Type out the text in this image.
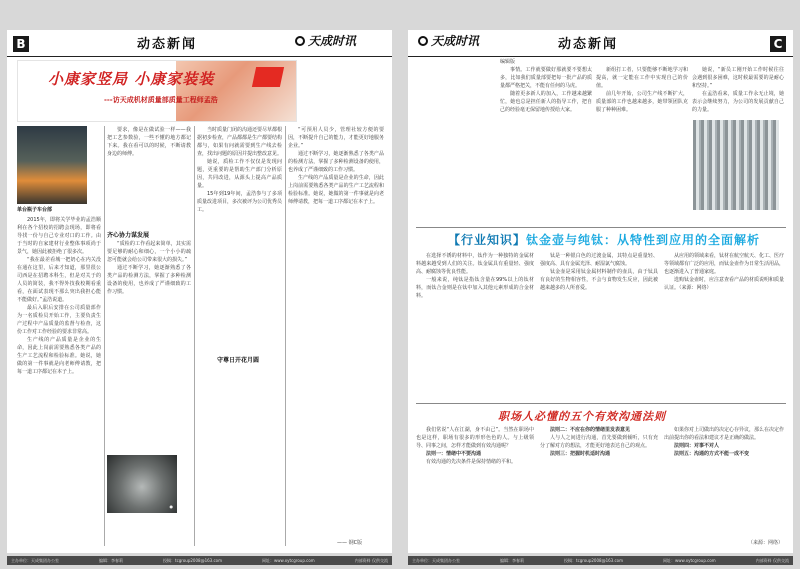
B	动态新闻	天成时讯
小康家竖局 小康家装装
---访天成机材质量部质量工程师孟浩
单台瓶子车台部

2015年，即将关学毕业的孟浩顺利在各个招校的招聘会现场，即将看导找一份与自己专业对口的工作。由于当时的自家建材行业整体事项尚于景气，她因此被拒绝了很多次。

“我在最差看城一把奶心在内关没在通在这里，后来才知道，那里很公司西是在招聘本科生，但是对关于的人员的简装，我不得外技我校期看重看，在面试表现不那么突出我担心能不能做好。”孟浩说道。

最后入职后安排在公司质量部作为一名质检员开始工作，主要负责生产过程中产品质量的监督与检查，这份工作对工作经验的要求非常高。

生产线的产品质量是企业的生命，因此上岗前需要熟悉各类产品的生产工艺流程和检验标准。她说，她做的第一件事就是向老师傅请教，把每一道工序都记在本子上。

要求，像是在做试验一样——我把工艺参数验，一些不懂的地方都记下来。我在看可以的时候，不断请教身边的师傅。

齐心协力谋发展

“质检的工作看起来简单，其实需要足够的耐心和细心，一个小小的疏忽可能就会给公司带来很大的损失。”

通过不断学习，她逐渐熟悉了各类产品的检测方法，掌握了多种检测设备的使用，也养成了严谨细致的工作习惯。

●

当时质量门闭的沟通还要尽草都根据初步检查，产品都都是生产都要结构都与，如果有问就需要到生产线去检查，找出问题的原因并提出整改意见。

她说，质检工作不仅仅是发现问题，更重要的是帮助生产部门分析原因，共同改进，从源头上提高产品质量。

15年到19年间，孟浩参与了多项质量改进项目，多次被评为公司优秀员工。

守尊日开花月圆

“可预用人员少，管理社较方便的要因，不断提升自己的能力，才能更好地服务企业。”

通过不断学习，她逐渐熟悉了各类产品的检测方法，掌握了多种检测设备的使用，也养成了严谨细致的工作习惯。

生产线的产品质量是企业的生命，因此上岗前需要熟悉各类产品的生产工艺流程和检验标准。她说，她做的第一件事就是向老师傅请教，把每一道工序都记在本子上。

—— 钢C版
天成时讯	动态新闻	C
编辑版

事情。工作就要做好那就要不要想太多，比如我们质量部要把每一批产品的质量都严格把关，不能有任何的马虎。

随着更多新人的加入，工作越来越繁忙，她也总是担任新人的指导工作，把自己的经验毫无保留地传授给大家。

新组打工者，只要能够不断地学习和提高，就一定能在工作中实现自己的价值。

前几年开始，公司生产线不断扩大，质量部的工作也越来越多，她带领团队克服了种种困难。

她说，“新员工刚开始工作时候往往会遇到很多困难，这时候最需要的是耐心和坚持。”

在孟浩看来，质量工作永无止境，她表示会继续努力，为公司的发展贡献自己的力量。

【行业知识】钛金壶与纯钛：从特性到应用的全面解析

在选择不锈的材料中，钛作为一种独特的金属材料越来越受到人们的关注。钛金属具有重量轻、强度高、耐腐蚀等优良性能。

一般来说，纯钛是指钛含量在99%以上的钛材料，而钛合金则是在钛中加入其他元素形成的合金材料。

钛是一种银白色的过渡金属，其特点是重量轻、强度高、具有金属光泽、耐湿氯气腐蚀。

钛金壶是采用钛金属材料制作的壶具，由于钛具有良好的生物相容性，不会与食物发生反应，因此被越来越多的人所喜爱。

从应用的领域来看，钛材在航空航天、化工、医疗等领域都有广泛的应用，而钛金壶作为日常生活用品，也逐渐进入了普通家庭。

选购钛金壶时，应注意查看产品的材质说明和质量认证。（来源：网络）

职场人必懂的五个有效沟通法则

我们常说“人在江湖，身不由己”。当然在职场中也是这样，职场有很多的形形色色的人。与上级领导、同事之间，怎样才能做到有效沟通呢？

法则一：情绪中不要沟通

有效沟通的先决条件是保持情绪的平和。

法则二：不应在你的情绪里发表意见

人与人之间进行沟通，首先要做到倾听，只有充分了解对方的想法，才能更好地表达自己的观点。

法则三：把握时机适时沟通

如果你对上司做出的决定心存异议，那么在决定作出前提出你的看法和建议才是正确的做法。

法则四：对事不对人

法则五：沟通的方式不能一成不变

（来源：网络）
主办单位：天成集团办公室	编辑：李春莉	投稿：tcgroup2008@163.com	网址：www.xytcgroup.com	内部资料 仅供交流	主办单位：天成集团办公室	编辑：李春莉	投稿：tcgroup2008@163.com	网址：www.xytcgroup.com	内部资料 仅供交流
